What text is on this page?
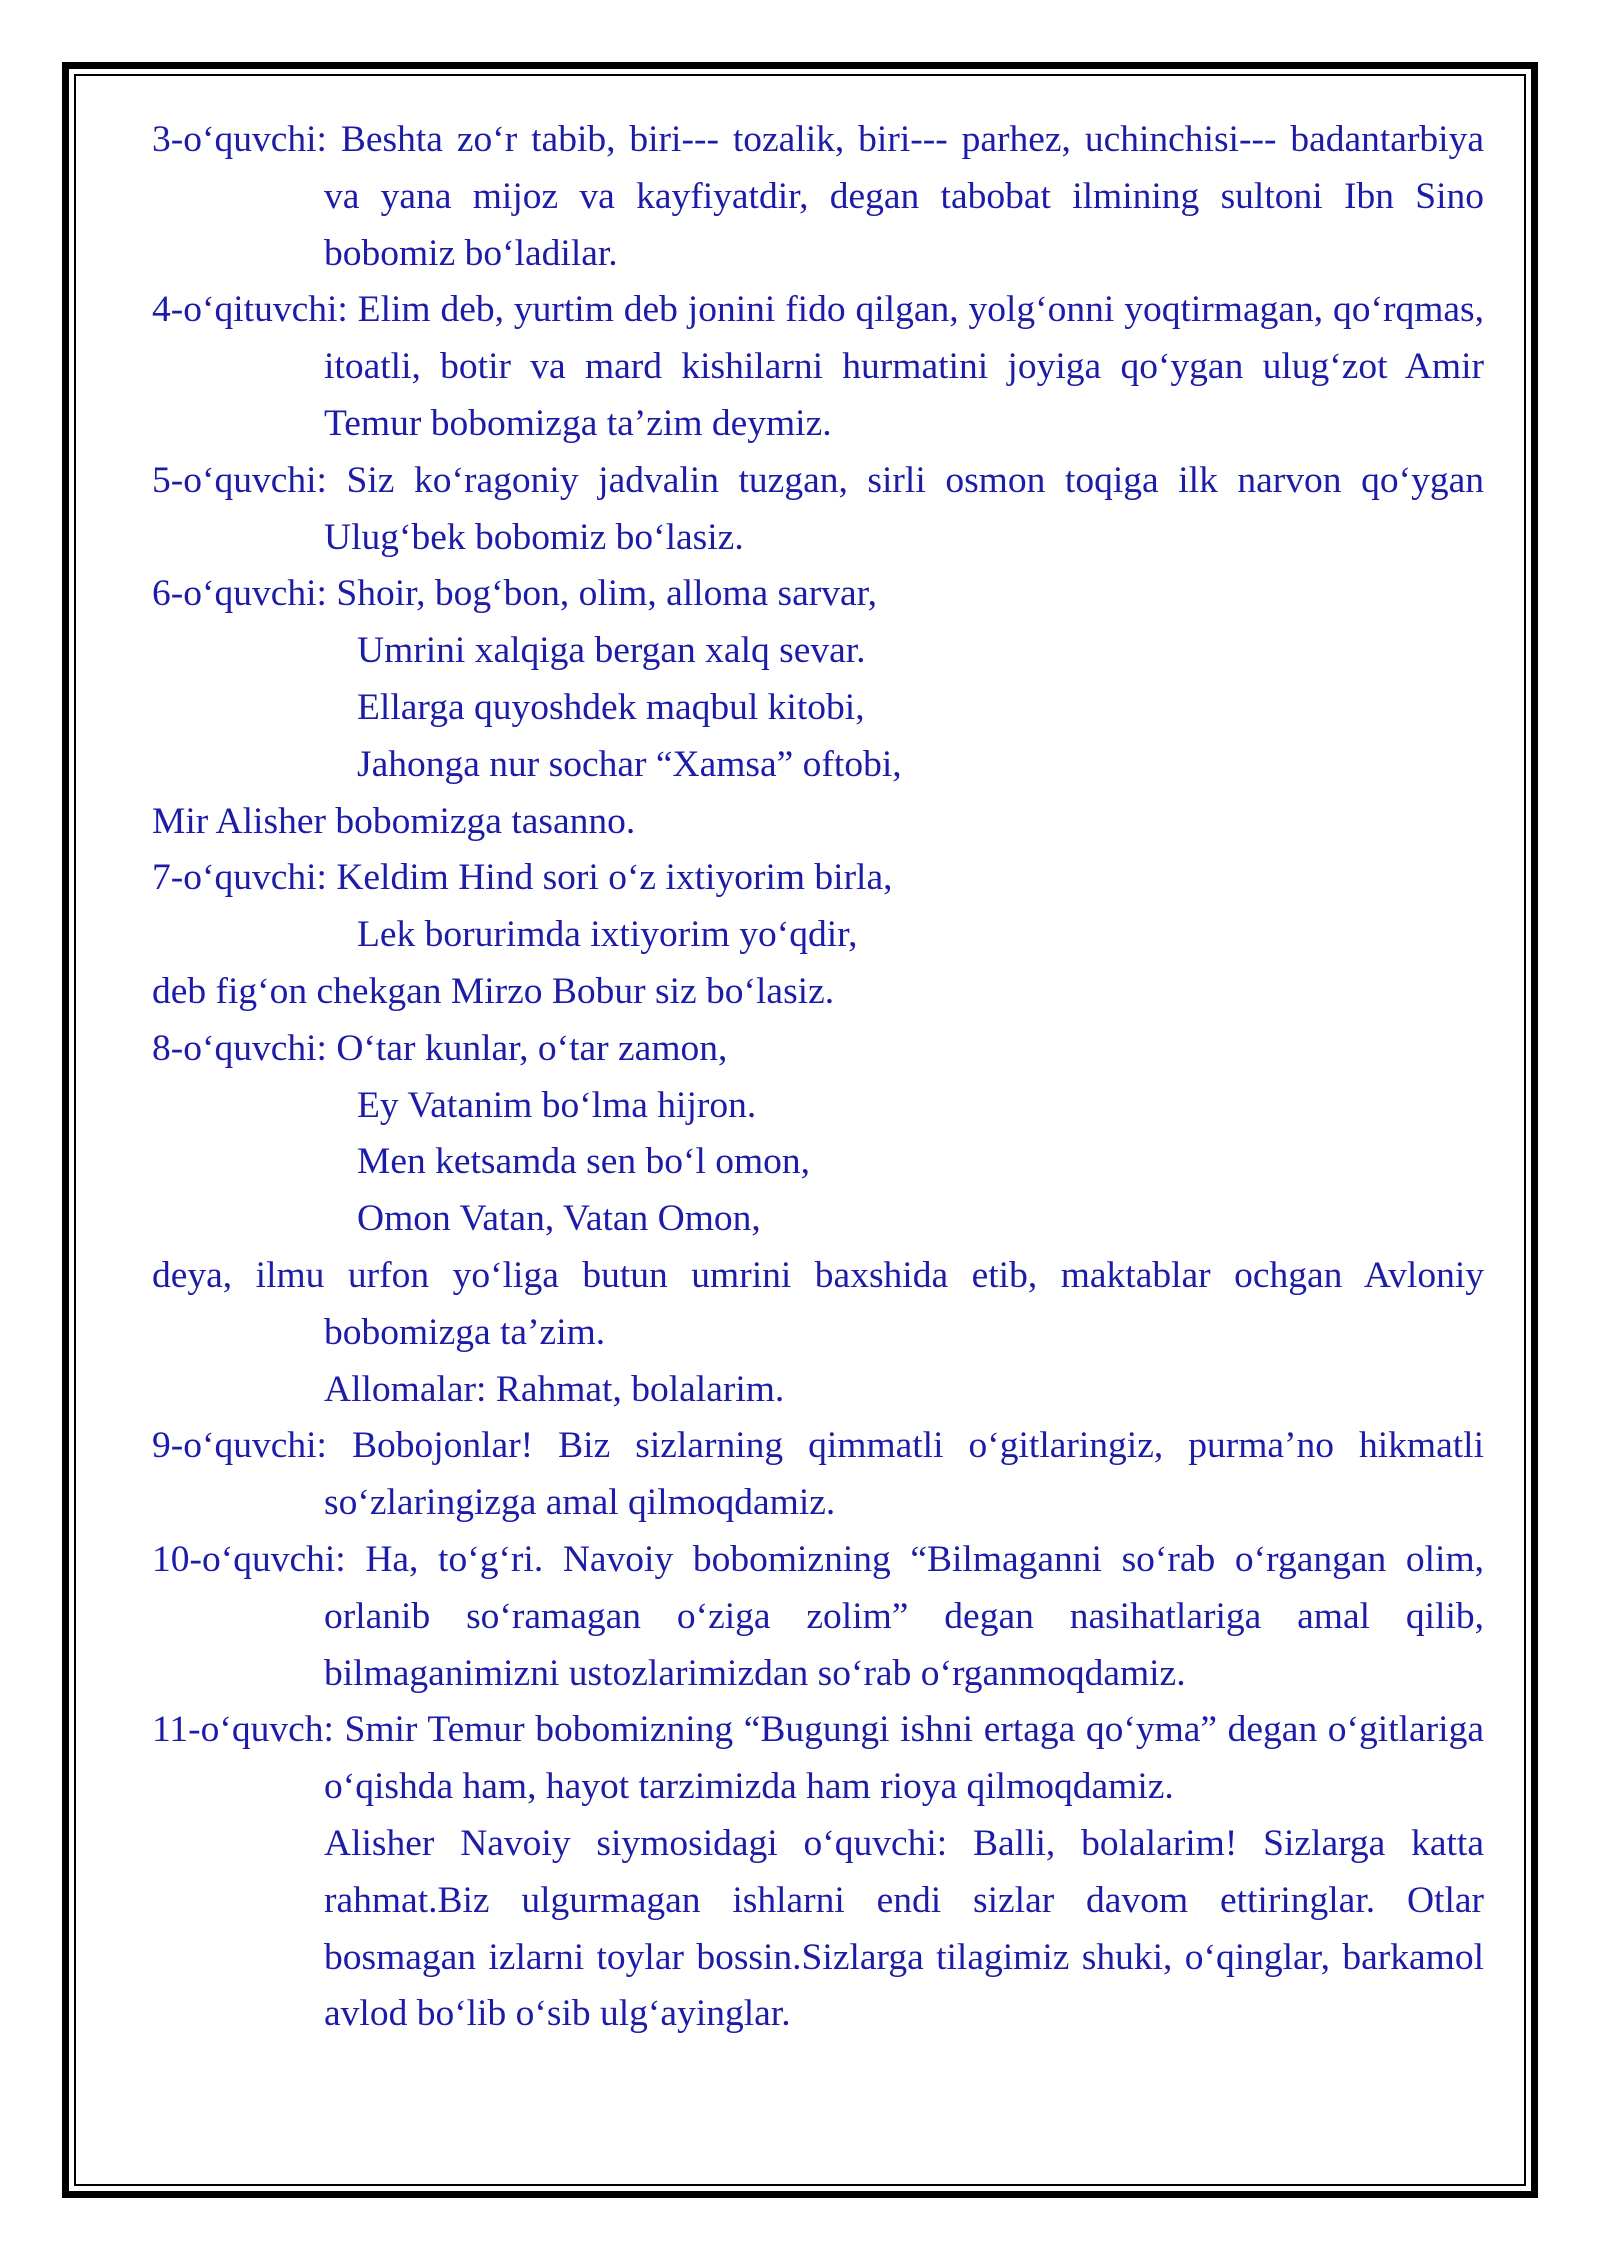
3-o‘quvchi: Beshta zo‘r tabib, biri--- tozalik, biri--- parhez, uchinchisi--- badantarbiya va yana mijoz va kayfiyatdir, degan tabobat ilmining sultoni Ibn Sino bobomiz bo‘ladilar.

4-o‘qituvchi: Elim deb, yurtim deb jonini fido qilgan, yolg‘onni yoqtirmagan, qo‘rqmas, itoatli, botir va mard kishilarni hurmatini joyiga qo‘ygan ulug‘zot Amir Temur bobomizga ta’zim deymiz.

5-o‘quvchi: Siz ko‘ragoniy jadvalin tuzgan, sirli osmon toqiga ilk narvon qo‘ygan Ulug‘bek bobomiz bo‘lasiz.

6-o‘quvchi: Shoir, bog‘bon, olim, alloma sarvar,

Umrini xalqiga bergan xalq sevar.

Ellarga quyoshdek maqbul kitobi,

Jahonga nur sochar “Xamsa” oftobi,

Mir Alisher bobomizga tasanno.

7-o‘quvchi: Keldim Hind sori o‘z ixtiyorim birla,

Lek borurimda ixtiyorim yo‘qdir,

deb fig‘on chekgan Mirzo Bobur siz bo‘lasiz.

8-o‘quvchi: O‘tar kunlar, o‘tar zamon,

Ey Vatanim bo‘lma hijron.

Men ketsamda sen bo‘l omon,

Omon Vatan, Vatan Omon,

deya, ilmu urfon yo‘liga butun umrini baxshida etib, maktablar ochgan Avloniy bobomizga ta’zim.

Allomalar: Rahmat, bolalarim.

9-o‘quvchi: Bobojonlar! Biz sizlarning qimmatli o‘gitlaringiz, purma’no hikmatli so‘zlaringizga amal qilmoqdamiz.

10-o‘quvchi: Ha, to‘g‘ri. Navoiy bobomizning “Bilmaganni so‘rab o‘rgangan olim, orlanib so‘ramagan o‘ziga zolim” degan nasihatlariga amal qilib, bilmaganimizni ustozlarimizdan so‘rab o‘rganmoqdamiz.

11-o‘quvch: Smir Temur bobomizning “Bugungi ishni ertaga qo‘yma” degan o‘gitlariga o‘qishda ham, hayot tarzimizda ham rioya qilmoqdamiz.

Alisher Navoiy siymosidagi o‘quvchi: Balli, bolalarim! Sizlarga katta rahmat.Biz ulgurmagan ishlarni endi sizlar davom ettiringlar. Otlar bosmagan izlarni toylar bossin.Sizlarga tilagimiz shuki, o‘qinglar, barkamol avlod bo‘lib o‘sib ulg‘ayinglar.
